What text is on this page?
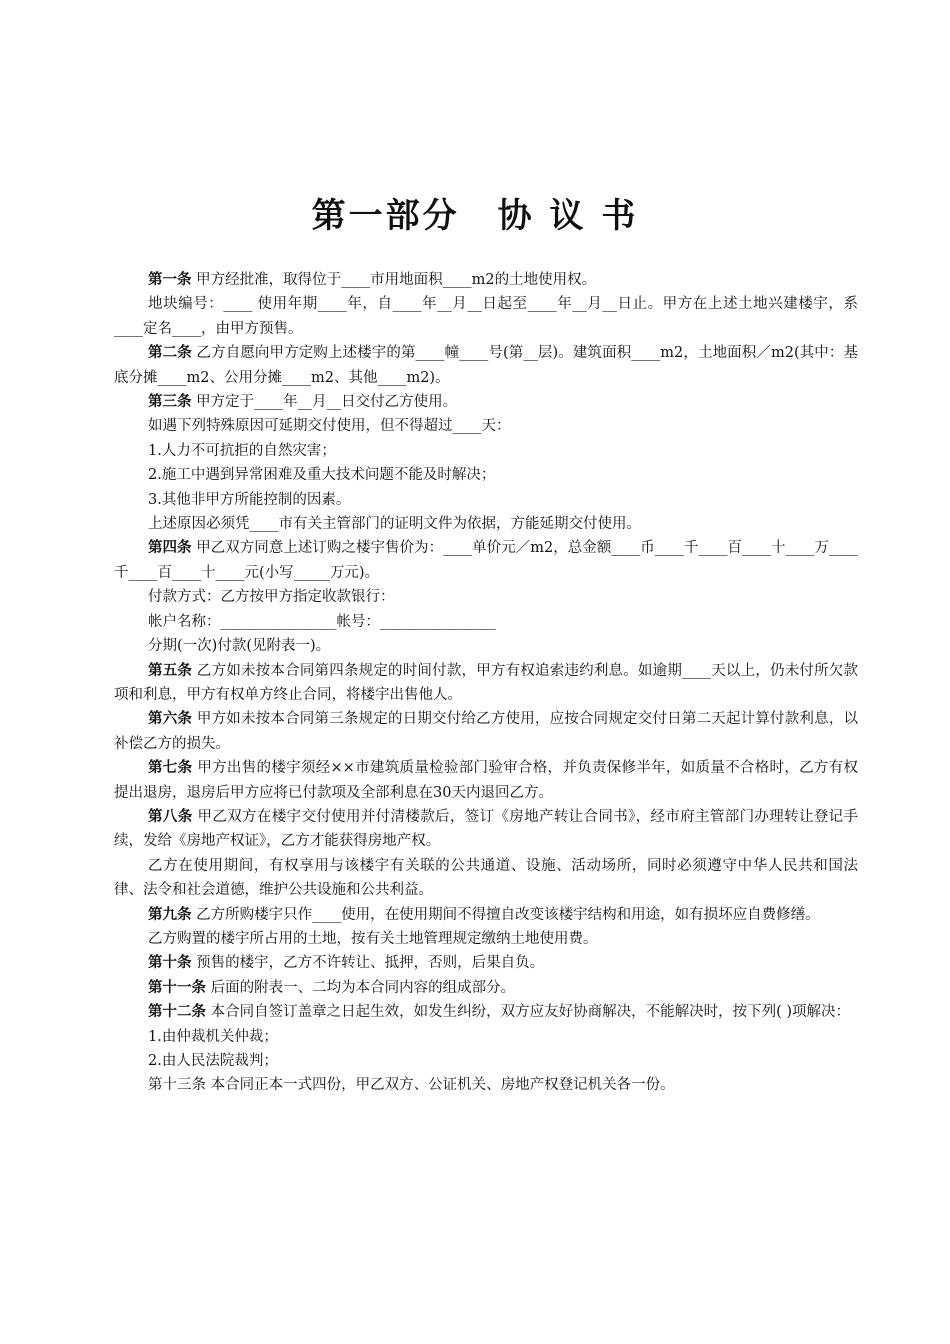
第一部分 协 议 书

第一条 甲方经批准，取得位于____市用地面积____m2的土地使用权。

地块编号：____ 使用年期____年，自____年__月__日起至____年__月__日止。甲方在上述土地兴建楼宇，系____定名____，由甲方预售。

第二条 乙方自愿向甲方定购上述楼宇的第____幢____号(第__层)。建筑面积____m2，土地面积／m2(其中：基底分摊____m2、公用分摊____m2、其他____m2)。

第三条 甲方定于____年__月__日交付乙方使用。

如遇下列特殊原因可延期交付使用，但不得超过____天：

1.人力不可抗拒的自然灾害；

2.施工中遇到异常困难及重大技术问题不能及时解决；

3.其他非甲方所能控制的因素。

上述原因必须凭____市有关主管部门的证明文件为依据，方能延期交付使用。

第四条 甲乙双方同意上述订购之楼宇售价为：____单价元／m2，总金额____币____千____百____十____万____千____百____十____元(小写_____万元)。

付款方式：乙方按甲方指定收款银行：

帐户名称：________________帐号：________________

分期(一次)付款(见附表一)。

第五条 乙方如未按本合同第四条规定的时间付款，甲方有权追索违约利息。如逾期____天以上，仍未付所欠款项和利息，甲方有权单方终止合同，将楼宇出售他人。

第六条 甲方如未按本合同第三条规定的日期交付给乙方使用，应按合同规定交付日第二天起计算付款利息，以补偿乙方的损失。

第七条 甲方出售的楼宇须经××市建筑质量检验部门验审合格，并负责保修半年，如质量不合格时，乙方有权提出退房，退房后甲方应将已付款项及全部利息在30天内退回乙方。

第八条 甲乙双方在楼宇交付使用并付清楼款后，签订《房地产转让合同书》，经市府主管部门办理转让登记手续，发给《房地产权证》，乙方才能获得房地产权。

乙方在使用期间，有权享用与该楼宇有关联的公共通道、设施、活动场所，同时必须遵守中华人民共和国法律、法令和社会道德，维护公共设施和公共利益。

第九条 乙方所购楼宇只作____使用，在使用期间不得擅自改变该楼宇结构和用途，如有损坏应自费修缮。

乙方购置的楼宇所占用的土地，按有关土地管理规定缴纳土地使用费。

第十条 预售的楼宇，乙方不许转让、抵押，否则，后果自负。

第十一条 后面的附表一、二均为本合同内容的组成部分。

第十二条 本合同自签订盖章之日起生效，如发生纠纷，双方应友好协商解决，不能解决时，按下列( )项解决：

1.由仲裁机关仲裁；

2.由人民法院裁判；

第十三条 本合同正本一式四份，甲乙双方、公证机关、房地产权登记机关各一份。
